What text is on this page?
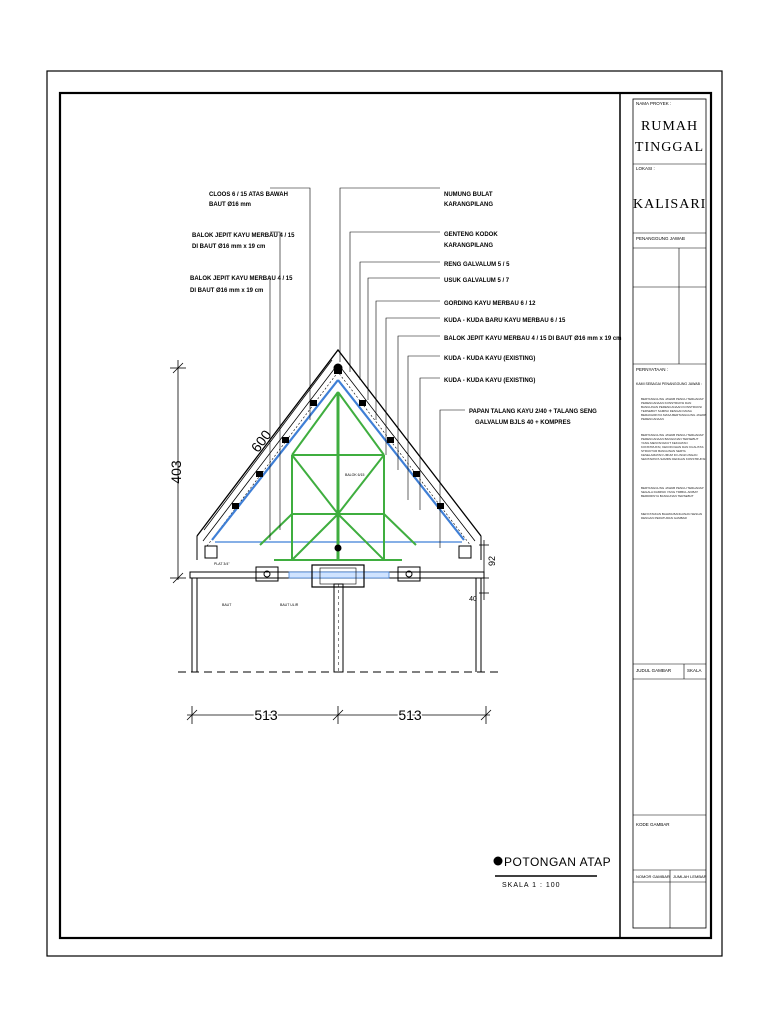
403
600
513	513
92
40
CLOOS 6 / 15 ATAS BAWAH
BAUT Ø16 mm
BALOK JEPIT KAYU MERBAU 4 / 15
DI BAUT Ø16 mm x 19 cm
BALOK JEPIT KAYU MERBAU 4 / 15
DI BAUT Ø16 mm x 19 cm
NUMUNG BULAT
KARANGPILANG
GENTENG KODOK
KARANGPILANG
RENG GALVALUM 5 / 5
USUK GALVALUM 5 / 7
GORDING KAYU MERBAU 6 / 12
KUDA - KUDA BARU KAYU MERBAU 6 / 15
BALOK JEPIT KAYU MERBAU 4 / 15 DI BAUT Ø16 mm x 19 cm
KUDA - KUDA KAYU (EXISTING)
KUDA - KUDA KAYU (EXISTING)
PAPAN TALANG KAYU 2/40 + TALANG SENG
GALVALUM BJLS 40 + KOMPRES
BALOK 6/15
PLAT 3/4"
BAUT	BAUT ULIR
POTONGAN ATAP
SKALA 1 : 100
NAMA PROYEK :
RUMAH
TINGGAL
LOKASI :
KALISARI
PENANGGUNG JAWAB
PERNYATAAN :
KAMI SEBAGAI PENANGGUNG JAWAB :
BERTANGGUNG JAWAB PENUH TERHADAP PERENCANAAN KONSTRUKSI DAN BANGUNAN PERENCANAAN KONSTRUKSI TERSEBUT SAMPAI DENGAN MASA BERAKHIRNYA MASA BERTANGGUNG JAWAB PERENCANAAN
BERTANGGUNG JAWAB PENUH TERHADAP PERENCANAAN BANGUNAN TERSEBUT YANG MENYANGKUT KEKUATAN KONSTRUKSI, KEKOKOHAN DAN KUALITAS STRUKTUR BANGUNAN SERTA KESELAMATAN UMUM DI LINGKUNGAN SEKITARNYA SAMPAI DENGAN KONSTRUKSI
BERTANGGUNG JAWAB PENUH TERHADAP SEGALA DAMPAK YANG TIMBUL AKIBAT BERDIRINYA BANGUNAN TERSEBUT
MENYATAKAN BAHWA BANGUNAN SESUAI DENGAN PERATURAN GAMBAR
JUDUL GAMBAR	SKALA
KODE GAMBAR
NOMOR GAMBAR JUMLAH LEMBAR
